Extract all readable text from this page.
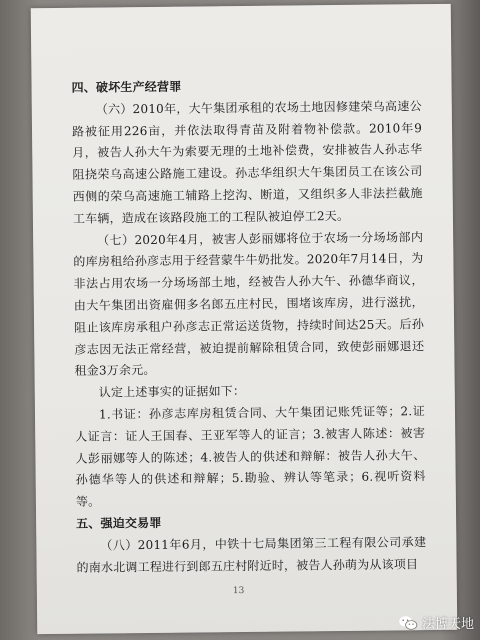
四、破坏生产经营罪

（六）2010年，大午集团承租的农场土地因修建荣乌高速公路被征用226亩，并依法取得青苗及附着物补偿款。2010年9月，被告人孙大午为索要无理的土地补偿费，安排被告人孙志华阻挠荣乌高速公路施工建设。孙志华组织大午集团员工在该公司西侧的荣乌高速施工辅路上挖沟、断道，又组织多人非法拦截施工车辆，造成在该路段施工的工程队被迫停工2天。

（七）2020年4月，被害人彭丽娜将位于农场一分场场部内的库房租给孙彦志用于经营蒙牛牛奶批发。2020年7月14日，为非法占用农场一分场场部土地，经被告人孙大午、孙德华商议，由大午集团出资雇佣多名郎五庄村民，围堵该库房，进行滋扰，阻止该库房承租户孙彦志正常运送货物，持续时间达25天。后孙彦志因无法正常经营，被迫提前解除租赁合同，致使彭丽娜退还租金3万余元。

认定上述事实的证据如下：

1.书证：孙彦志库房租赁合同、大午集团记账凭证等；2.证人证言：证人王国春、王亚军等人的证言；3.被害人陈述：被害人彭丽娜等人的陈述；4.被告人的供述和辩解：被告人孙大午、孙德华等人的供述和辩解；5.勘验、辨认等笔录；6.视听资料等。

五、强迫交易罪

（八）2011年6月，中铁十七局集团第三工程有限公司承建的南水北调工程进行到郎五庄村附近时，被告人孙萌为从该项目

13
法博天地
